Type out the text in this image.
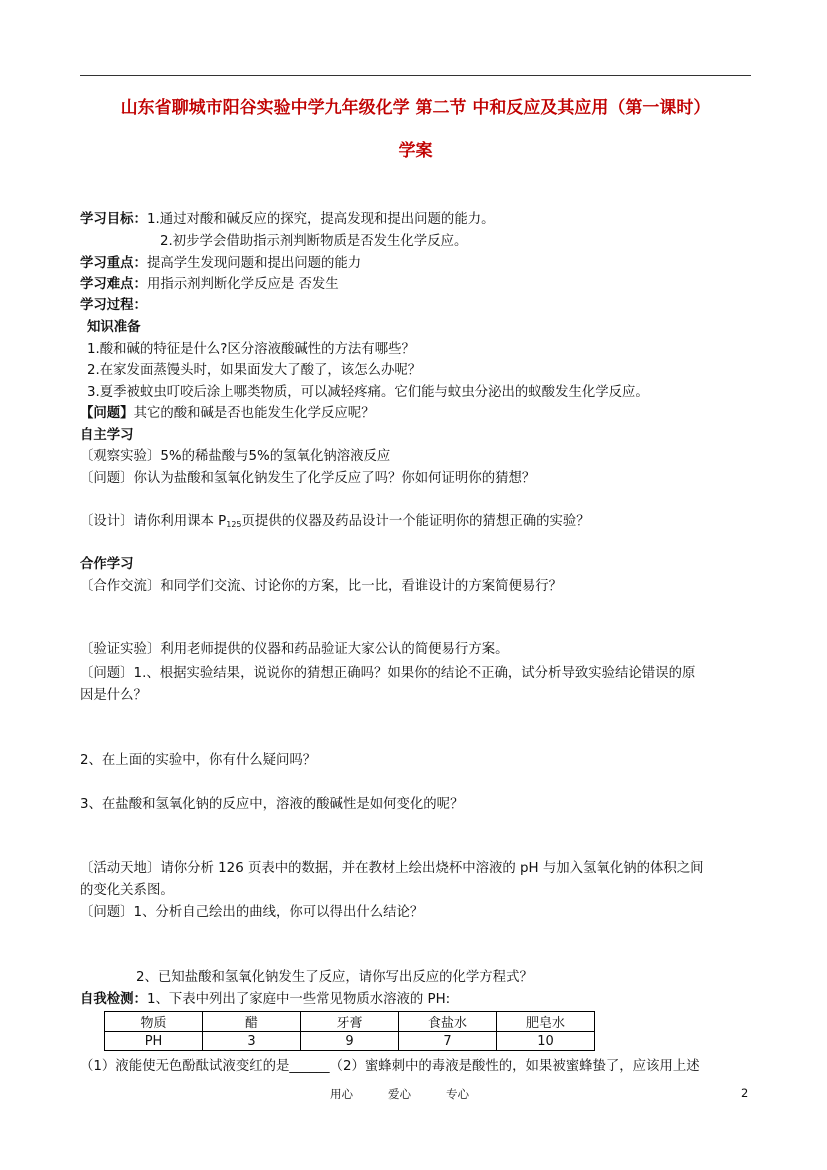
山东省聊城市阳谷实验中学九年级化学 第二节 中和反应及其应用（第一课时）
学案
学习目标：1.通过对酸和碱反应的探究，提高发现和提出问题的能力。
2.初步学会借助指示剂判断物质是否发生化学反应。
学习重点：提高学生发现问题和提出问题的能力
学习难点：用指示剂判断化学反应是 否发生
学习过程：
知识准备
1.酸和碱的特征是什么?区分溶液酸碱性的方法有哪些？
2.在家发面蒸馒头时，如果面发大了酸了，该怎么办呢？
3.夏季被蚊虫叮咬后涂上哪类物质，可以减轻疼痛。它们能与蚊虫分泌出的蚁酸发生化学反应。
【问题】其它的酸和碱是否也能发生化学反应呢？
自主学习
〔观察实验〕5%的稀盐酸与5%的氢氧化钠溶液反应
〔问题〕你认为盐酸和氢氧化钠发生了化学反应了吗？你如何证明你的猜想？
〔设计〕请你利用课本 $P_{125}$页提供的仪器及药品设计一个能证明你的猜想正确的实验？
合作学习
〔合作交流〕和同学们交流、讨论你的方案，比一比，看谁设计的方案简便易行？
〔验证实验〕利用老师提供的仪器和药品验证大家公认的简便易行方案。
〔问题〕1.、根据实验结果，说说你的猜想正确吗？如果你的结论不正确，试分析导致实验结论错误的原
因是什么？
2、在上面的实验中，你有什么疑问吗？
3、在盐酸和氢氧化钠的反应中，溶液的酸碱性是如何变化的呢？
〔活动天地〕请你分析 126 页表中的数据，并在教材上绘出烧杯中溶液的 pH 与加入氢氧化钠的体积之间
的变化关系图。
〔问题〕1、分析自己绘出的曲线，你可以得出什么结论？
2、已知盐酸和氢氧化钠发生了反应，请你写出反应的化学方程式？
自我检测：1、下表中列出了家庭中一些常见物质水溶液的 PH:
物质	醋	牙膏	食盐水	肥皂水
PH	3	9	7	10
（1）液能使无色酚酞试液变红的是______（2）蜜蜂刺中的毒液是酸性的，如果被蜜蜂蛰了，应该用上述
用心	爱心	专心	2
